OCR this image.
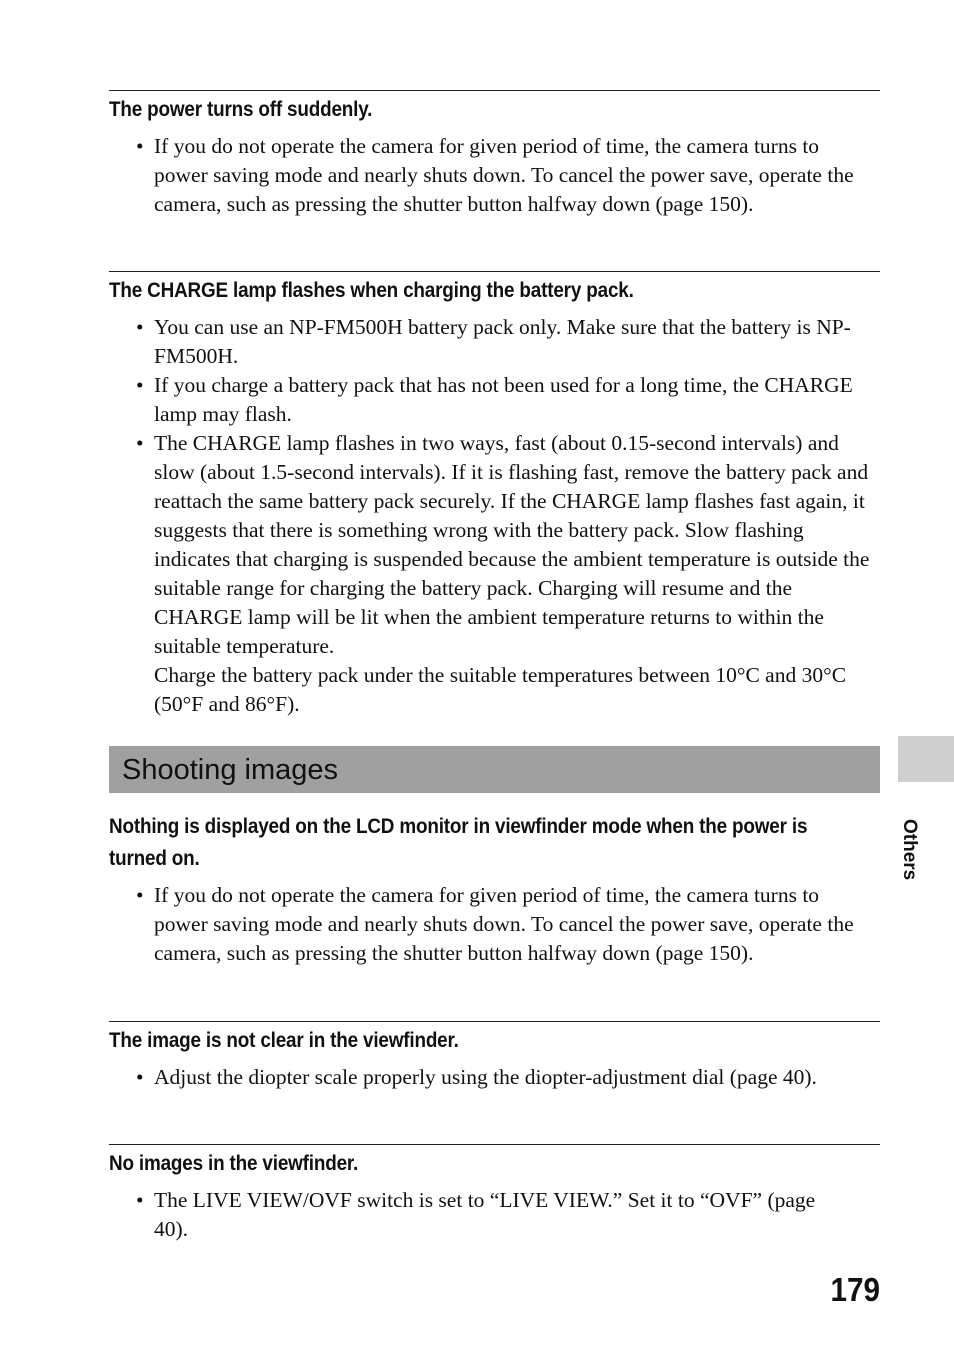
The power turns off suddenly.
• If you do not operate the camera for given period of time, the camera turns to power saving mode and nearly shuts down. To cancel the power save, operate the camera, such as pressing the shutter button halfway down (page 150).
The CHARGE lamp flashes when charging the battery pack.
• You can use an NP-FM500H battery pack only. Make sure that the battery is NP-FM500H.
• If you charge a battery pack that has not been used for a long time, the CHARGE lamp may flash.
• The CHARGE lamp flashes in two ways, fast (about 0.15-second intervals) and slow (about 1.5-second intervals). If it is flashing fast, remove the battery pack and reattach the same battery pack securely. If the CHARGE lamp flashes fast again, it suggests that there is something wrong with the battery pack. Slow flashing indicates that charging is suspended because the ambient temperature is outside the suitable range for charging the battery pack. Charging will resume and the CHARGE lamp will be lit when the ambient temperature returns to within the suitable temperature.
Charge the battery pack under the suitable temperatures between 10°C and 30°C (50°F and 86°F).
Shooting images
Nothing is displayed on the LCD monitor in viewfinder mode when the power is turned on.
• If you do not operate the camera for given period of time, the camera turns to power saving mode and nearly shuts down. To cancel the power save, operate the camera, such as pressing the shutter button halfway down (page 150).
The image is not clear in the viewfinder.
• Adjust the diopter scale properly using the diopter-adjustment dial (page 40).
No images in the viewfinder.
• The LIVE VIEW/OVF switch is set to “LIVE VIEW.” Set it to “OVF” (page 40).
Others
179
